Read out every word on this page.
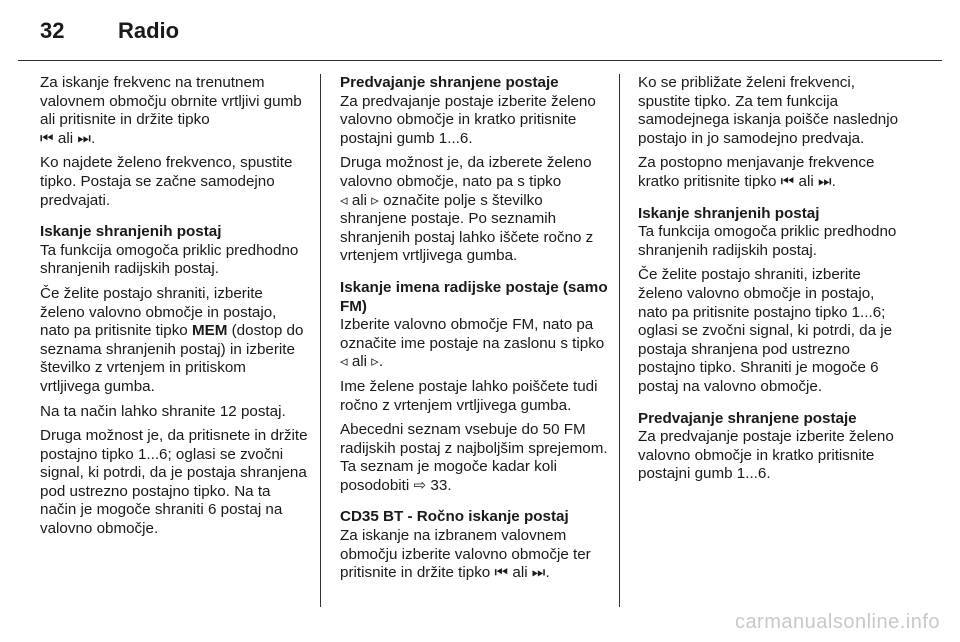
32	Radio

Za iskanje frekvenc na trenutnem valovnem območju obrnite vrtljivi gumb ali pritisnite in držite tipko
⏮ ali ⏭.

Ko najdete želeno frekvenco, spustite tipko. Postaja se začne samodejno predvajati.

Iskanje shranjenih postaj

Ta funkcija omogoča priklic predhodno shranjenih radijskih postaj.

Če želite postajo shraniti, izberite želeno valovno območje in postajo, nato pa pritisnite tipko MEM (dostop do seznama shranjenih postaj) in izberite številko z vrtenjem in pritiskom vrtljivega gumba.

Na ta način lahko shranite 12 postaj.

Druga možnost je, da pritisnete in držite postajno tipko 1...6; oglasi se zvočni signal, ki potrdi, da je postaja shranjena pod ustrezno postajno tipko. Na ta način je mogoče shraniti 6 postaj na valovno območje.

Predvajanje shranjene postaje

Za predvajanje postaje izberite želeno valovno območje in kratko pritisnite postajni gumb 1...6.

Druga možnost je, da izberete želeno valovno območje, nato pa s tipko
◃ ali ▹ označite polje s številko shranjene postaje. Po seznamih shranjenih postaj lahko iščete ročno z vrtenjem vrtljivega gumba.

Iskanje imena radijske postaje (samo FM)

Izberite valovno območje FM, nato pa označite ime postaje na zaslonu s tipko ◃ ali ▹.

Ime želene postaje lahko poiščete tudi ročno z vrtenjem vrtljivega gumba.

Abecedni seznam vsebuje do 50 FM radijskih postaj z najboljšim sprejemom. Ta seznam je mogoče kadar koli posodobiti ⇨ 33.

CD35 BT - Ročno iskanje postaj

Za iskanje na izbranem valovnem območju izberite valovno območje ter pritisnite in držite tipko ⏮ ali ⏭.

Ko se približate želeni frekvenci, spustite tipko. Za tem funkcija samodejnega iskanja poišče naslednjo postajo in jo samodejno predvaja.

Za postopno menjavanje frekvence kratko pritisnite tipko ⏮ ali ⏭.

Iskanje shranjenih postaj

Ta funkcija omogoča priklic predhodno shranjenih radijskih postaj.

Če želite postajo shraniti, izberite želeno valovno območje in postajo, nato pa pritisnite postajno tipko 1...6; oglasi se zvočni signal, ki potrdi, da je postaja shranjena pod ustrezno postajno tipko. Shraniti je mogoče 6 postaj na valovno območje.

Predvajanje shranjene postaje

Za predvajanje postaje izberite želeno valovno območje in kratko pritisnite postajni gumb 1...6.

carmanualsonline.info
